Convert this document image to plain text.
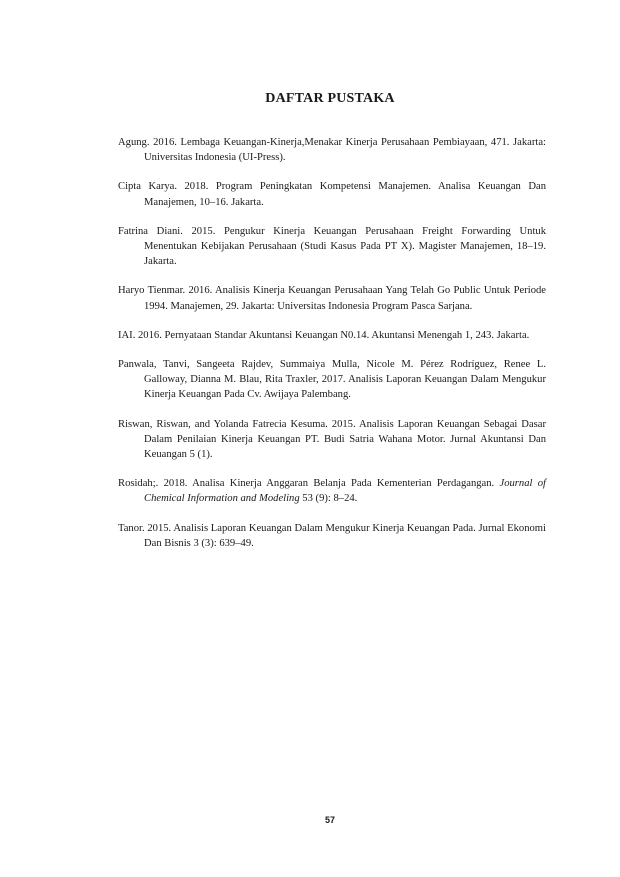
DAFTAR PUSTAKA
Agung. 2016. Lembaga Keuangan-Kinerja,Menakar Kinerja Perusahaan Pembiayaan, 471. Jakarta: Universitas Indonesia (UI-Press).
Cipta Karya. 2018. Program Peningkatan Kompetensi Manajemen. Analisa Keuangan Dan Manajemen, 10–16. Jakarta.
Fatrina Diani. 2015. Pengukur Kinerja Keuangan Perusahaan Freight Forwarding Untuk Menentukan Kebijakan Perusahaan (Studi Kasus Pada PT X). Magister Manajemen, 18–19. Jakarta.
Haryo Tienmar. 2016. Analisis Kinerja Keuangan Perusahaan Yang Telah Go Public Untuk Periode 1994. Manajemen, 29. Jakarta: Universitas Indonesia Program Pasca Sarjana.
IAI. 2016. Pernyataan Standar Akuntansi Keuangan N0.14. Akuntansi Menengah 1, 243. Jakarta.
Panwala, Tanvi, Sangeeta Rajdev, Summaiya Mulla, Nicole M. Pérez Rodríguez, Renee L. Galloway, Dianna M. Blau, Rita Traxler, 2017. Analisis Laporan Keuangan Dalam Mengukur Kinerja Keuangan Pada Cv. Awijaya Palembang.
Riswan, Riswan, and Yolanda Fatrecia Kesuma. 2015. Analisis Laporan Keuangan Sebagai Dasar Dalam Penilaian Kinerja Keuangan PT. Budi Satria Wahana Motor. Jurnal Akuntansi Dan Keuangan 5 (1).
Rosidah;. 2018. Analisa Kinerja Anggaran Belanja Pada Kementerian Perdagangan. Journal of Chemical Information and Modeling 53 (9): 8–24.
Tanor. 2015. Analisis Laporan Keuangan Dalam Mengukur Kinerja Keuangan Pada. Jurnal Ekonomi Dan Bisnis 3 (3): 639–49.
57
